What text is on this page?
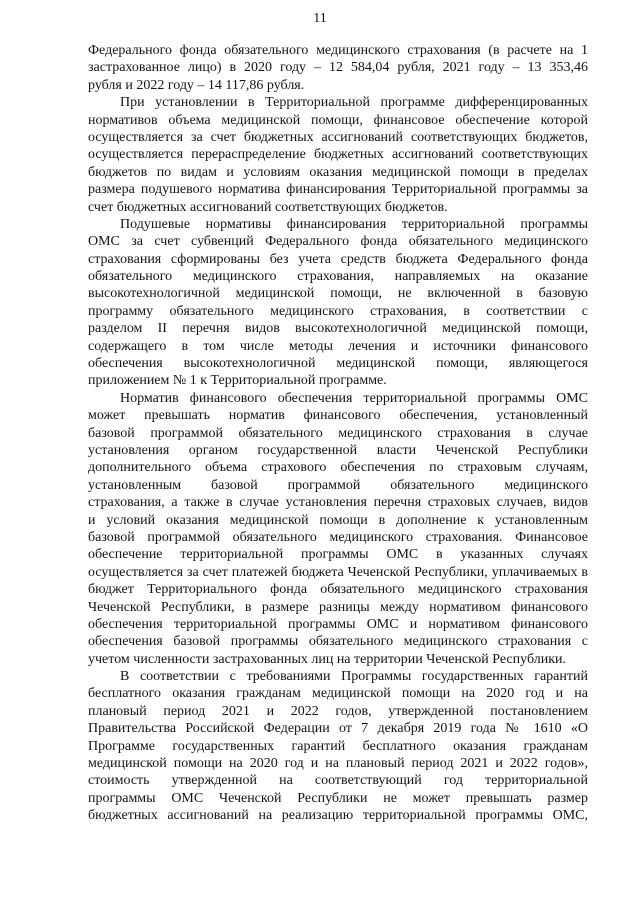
11
Федерального фонда обязательного медицинского страхования (в расчете на 1
застрахованное лицо) в 2020 году – 12 584,04 рубля, 2021 году – 13 353,46
рубля и 2022 году – 14 117,86 рубля.
При установлении в Территориальной программе дифференцированных
нормативов объема медицинской помощи, финансовое обеспечение которой
осуществляется за счет бюджетных ассигнований соответствующих бюджетов,
осуществляется перераспределение бюджетных ассигнований соответствующих
бюджетов по видам и условиям оказания медицинской помощи в пределах
размера подушевого норматива финансирования Территориальной программы за
счет бюджетных ассигнований соответствующих бюджетов.
Подушевые нормативы финансирования территориальной программы
ОМС за счет субвенций Федерального фонда обязательного медицинского
страхования сформированы без учета средств бюджета Федерального фонда
обязательного медицинского страхования, направляемых на оказание
высокотехнологичной медицинской помощи, не включенной в базовую
программу обязательного медицинского страхования, в соответствии с
разделом II перечня видов высокотехнологичной медицинской помощи,
содержащего в том числе методы лечения и источники финансового
обеспечения высокотехнологичной медицинской помощи, являющегося
приложением № 1 к Территориальной программе.
Норматив финансового обеспечения территориальной программы ОМС
может превышать норматив финансового обеспечения, установленный
базовой программой обязательного медицинского страхования в случае
установления органом государственной власти Чеченской Республики
дополнительного объема страхового обеспечения по страховым случаям,
установленным базовой программой обязательного медицинского
страхования, а также в случае установления перечня страховых случаев, видов
и условий оказания медицинской помощи в дополнение к установленным
базовой программой обязательного медицинского страхования. Финансовое
обеспечение территориальной программы ОМС в указанных случаях
осуществляется за счет платежей бюджета Чеченской Республики, уплачиваемых в
бюджет Территориального фонда обязательного медицинского страхования
Чеченской Республики, в размере разницы между нормативом финансового
обеспечения территориальной программы ОМС и нормативом финансового
обеспечения базовой программы обязательного медицинского страхования с
учетом численности застрахованных лиц на территории Чеченской Республики.
В соответствии с требованиями Программы государственных гарантий
бесплатного оказания гражданам медицинской помощи на 2020 год и на
плановый период 2021 и 2022 годов, утвержденной постановлением
Правительства Российской Федерации от 7 декабря 2019 года № 1610 «О
Программе государственных гарантий бесплатного оказания гражданам
медицинской помощи на 2020 год и на плановый период 2021 и 2022 годов»,
стоимость утвержденной на соответствующий год территориальной
программы ОМС Чеченской Республики не может превышать размер
бюджетных ассигнований на реализацию территориальной программы ОМС,
